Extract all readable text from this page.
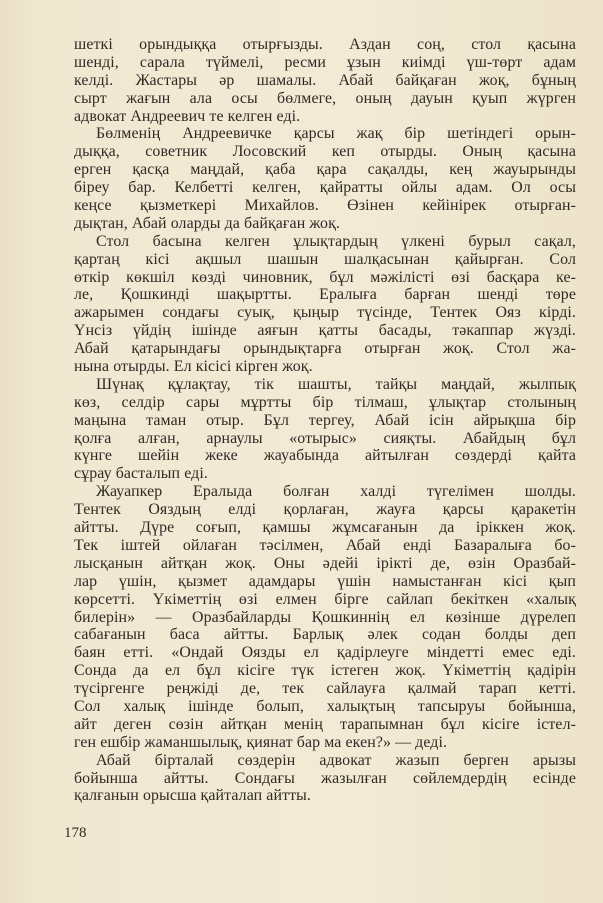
шеткі орындыққа отырғызды. Аздан соң, стол қасына
шенді, сарала түймелі, ресми ұзын киімді үш-төрт адам
келді. Жастары әр шамалы. Абай байқаған жоқ, бұның
сырт жағын ала осы бөлмеге, оның дауын қуып жүрген
адвокат Андреевич те келген еді.
Бөлменің Андреевичке қарсы жақ бір шетіндегі орын-
дыққа, советник Лосовский кеп отырды. Оның қасына
ерген қасқа маңдай, қаба қара сақалды, кең жауырынды
біреу бар. Келбетті келген, қайратты ойлы адам. Ол осы
кеңсе қызметкері Михайлов. Өзінен кейінірек отырған-
дықтан, Абай оларды да байқаған жоқ.
Стол басына келген ұлықтардың үлкені бурыл сақал,
қартаң кісі ақшыл шашын шалқасынан қайырған. Сол
өткір көкшіл көзді чиновник, бұл мәжілісті өзі басқара ке-
ле, Қошкинді шақыртты. Ералыға барған шенді төре
ажарымен сондағы суық, қыңыр түсінде, Тентек Ояз кірді.
Үнсіз үйдің ішінде аяғын қатты басады, тәкаппар жүзді.
Абай қатарындағы орындықтарға отырған жоқ. Стол жа-
нына отырды. Ел кісісі кірген жоқ.
Шүнақ құлақтау, тік шашты, тайқы маңдай, жылпық
көз, селдір сары мұртты бір тілмаш, ұлықтар столының
маңына таман отыр. Бұл тергеу, Абай ісін айрықша бір
қолға алған, арнаулы «отырыс» сияқты. Абайдың бұл
күнге шейін жеке жауабында айтылған сөздерді қайта
сұрау басталып еді.
Жауапкер Ералыда болған халді түгелімен шолды.
Тентек Ояздың елді қорлаған, жауға қарсы қаракетін
айтты. Дүре соғып, қамшы жұмсағанын да іріккен жоқ.
Тек іштей ойлаған тәсілмен, Абай енді Базаралыға бо-
лысқанын айтқан жоқ. Оны әдейі ірікті де, өзін Оразбай-
лар үшін, қызмет адамдары үшін намыстанған кісі қып
көрсетті. Үкіметтің өзі елмен бірге сайлап бекіткен «халық
билерін» — Оразбайларды Қошкиннің ел көзінше дүрелеп
сабағанын баса айтты. Барлық әлек содан болды деп
баян етті. «Ондай Оязды ел қадірлеуге міндетті емес еді.
Сонда да ел бұл кісіге түк істеген жоқ. Үкіметтің қадірін
түсіргенге реңжіді де, тек сайлауға қалмай тарап кетті.
Сол халық ішінде болып, халықтың тапсыруы бойынша,
айт деген сөзін айтқан менің тарапымнан бұл кісіге істел-
ген ешбір жаманшылық, қиянат бар ма екен?» — деді.
Абай бірталай сөздерін адвокат жазып берген арызы
бойынша айтты. Сондағы жазылған сөйлемдердің есінде
қалғанын орысша қайталап айтты.
178
